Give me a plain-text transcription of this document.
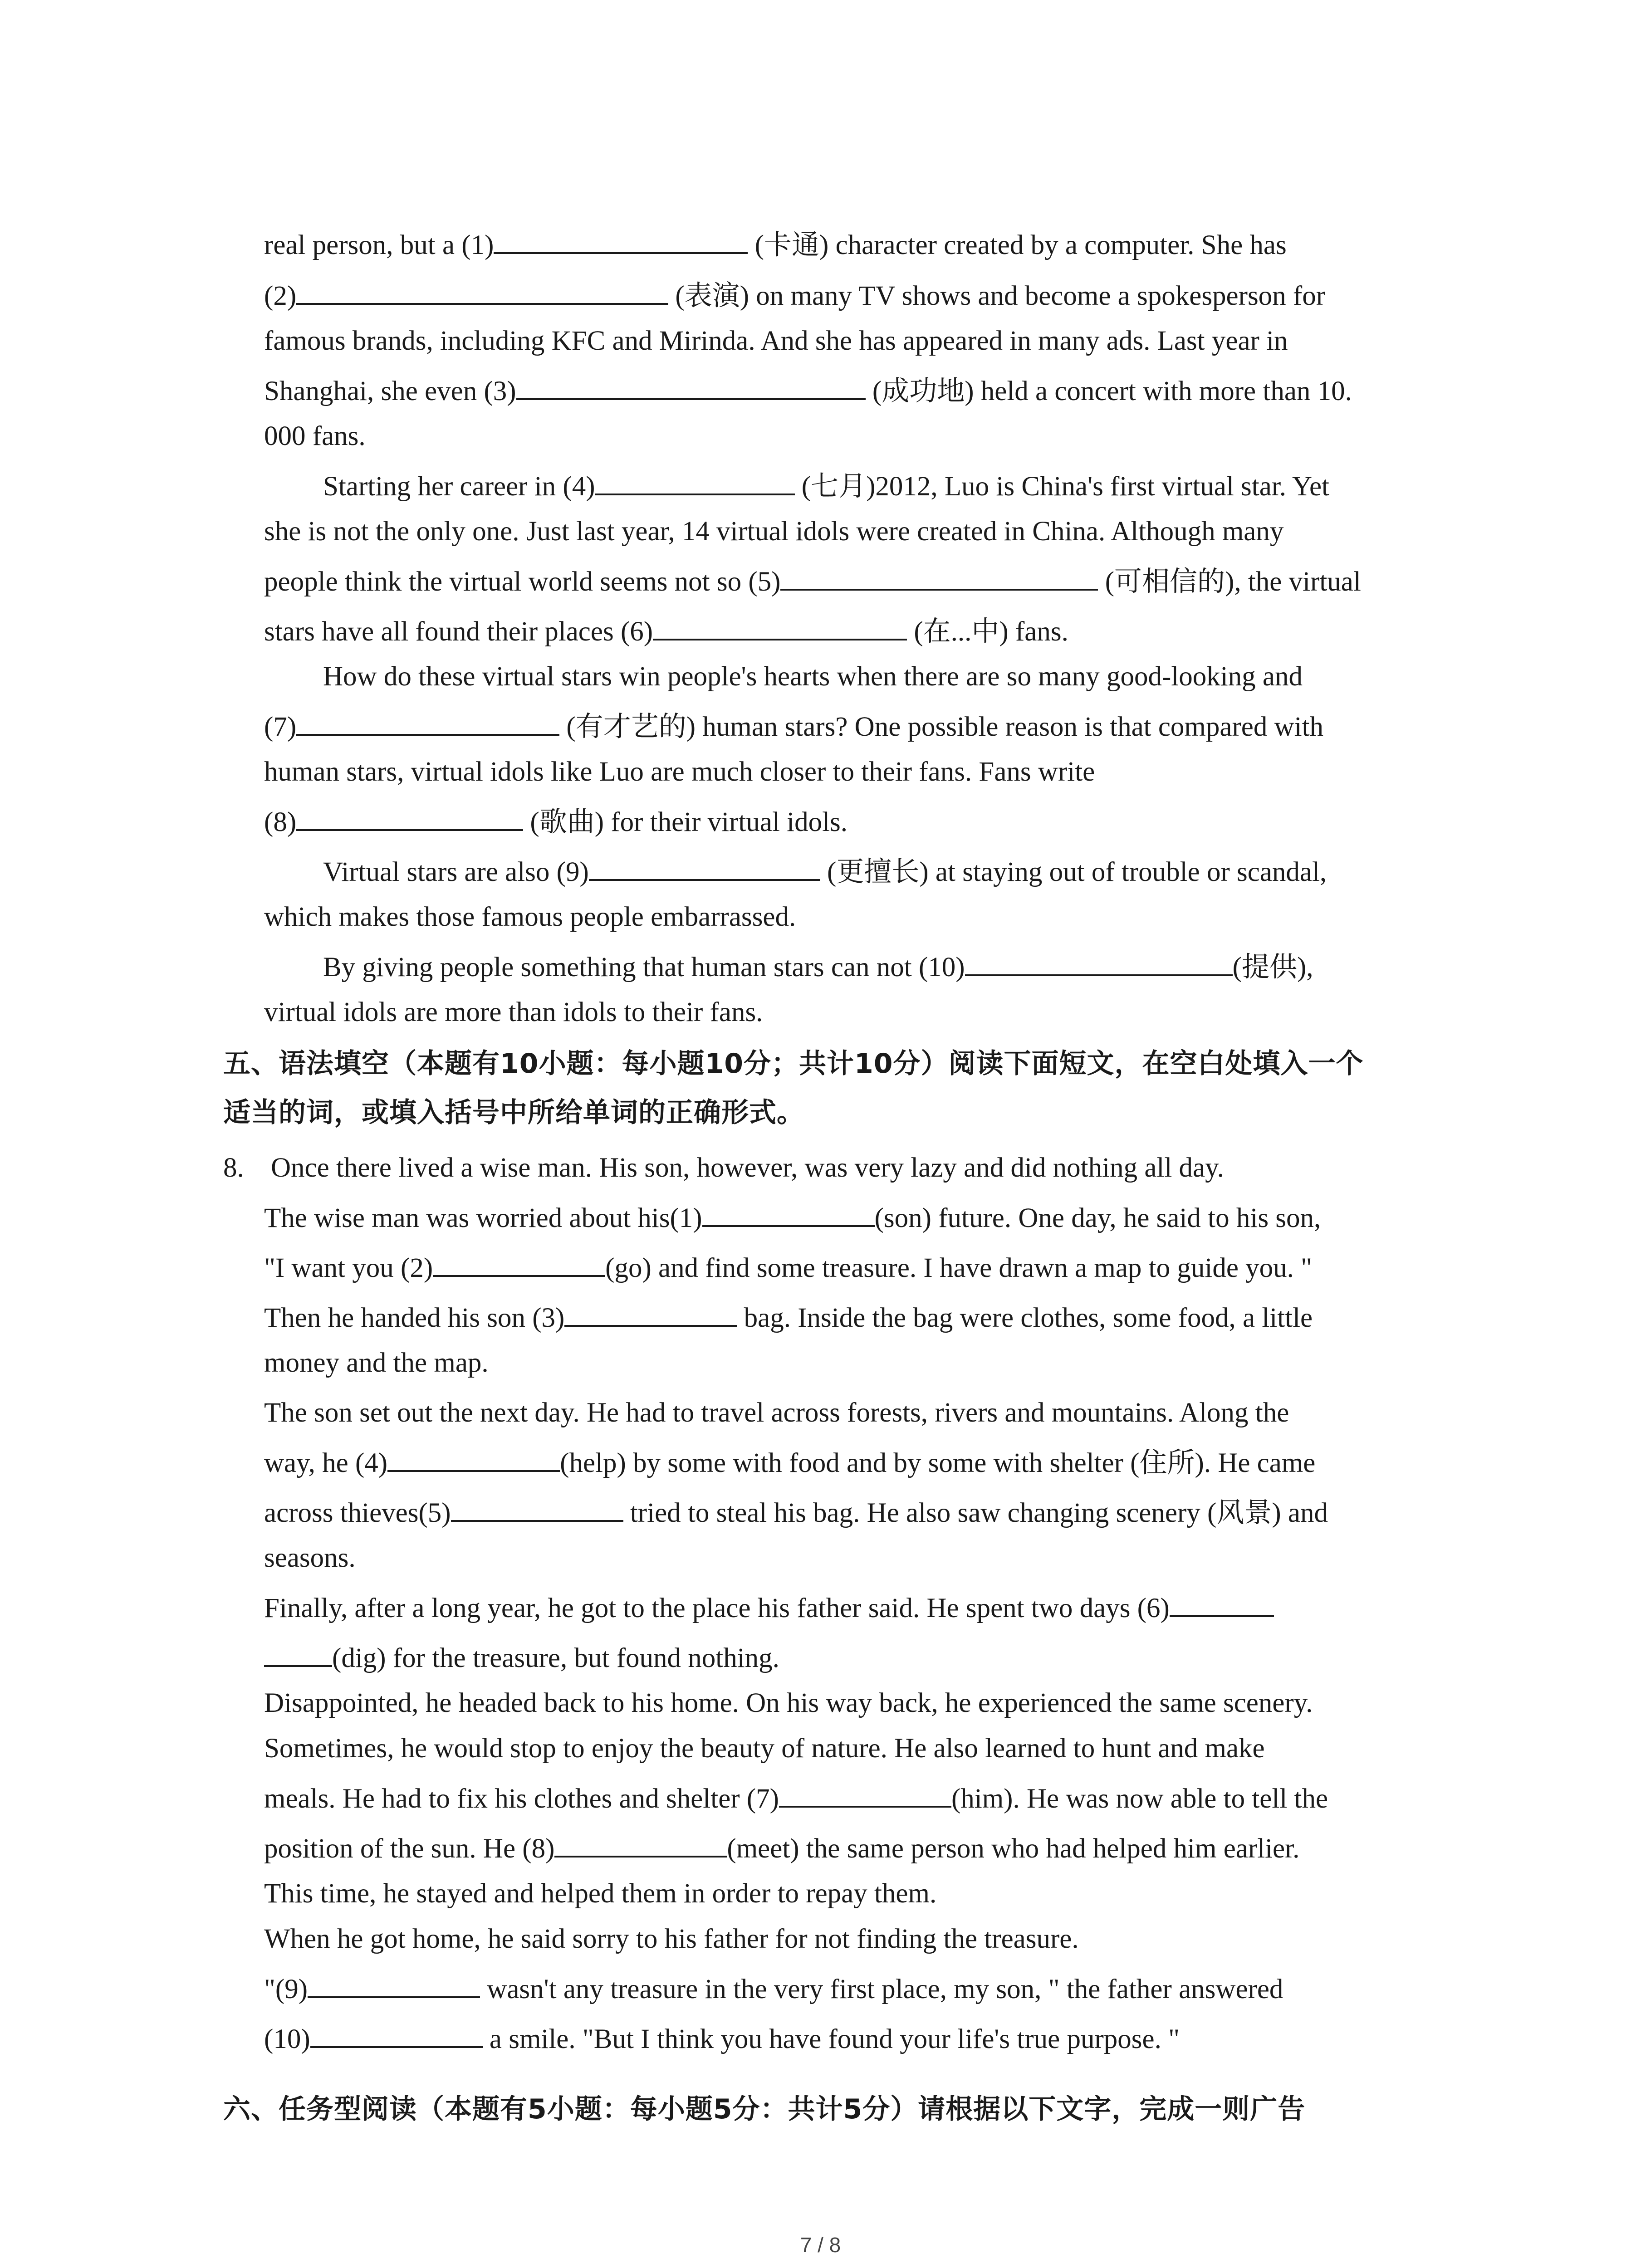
real person, but a (1)	(卡通) character created by a computer. She has
(2)	(表演) on many TV shows and become a spokesperson for
famous brands, including KFC and Mirinda. And she has appeared in many ads. Last year in
Shanghai, she even (3)	(成功地) held a concert with more than 10.
000 fans.
Starting her career in (4)	(七月)2012, Luo is China's first virtual star. Yet
she is not the only one. Just last year, 14 virtual idols were created in China. Although many
people think the virtual world seems not so (5)	(可相信的), the virtual
stars have all found their places (6)	(在...中) fans.
How do these virtual stars win people's hearts when there are so many good-looking and
(7)	(有才艺的) human stars? One possible reason is that compared with
human stars, virtual idols like Luo are much closer to their fans. Fans write
(8)	(歌曲) for their virtual idols.
Virtual stars are also (9)	(更擅长) at staying out of trouble or scandal,
which makes those famous people embarrassed.
By giving people something that human stars can not (10)	(提供),
virtual idols are more than idols to their fans.
五、语法填空（本题有10小题：每小题10分；共计10分）阅读下面短文，在空白处填入一个
适当的词，或填入括号中所给单词的正确形式。
8. Once there lived a wise man. His son, however, was very lazy and did nothing all day.
The wise man was worried about his(1)	(son) future. One day, he said to his son,
"I want you (2)	(go) and find some treasure. I have drawn a map to guide you. "
Then he handed his son (3)	bag. Inside the bag were clothes, some food, a little
money and the map.
The son set out the next day. He had to travel across forests, rivers and mountains. Along the
way, he (4)	(help) by some with food and by some with shelter (住所). He came
across thieves(5)	tried to steal his bag. He also saw changing scenery (风景) and
seasons.
Finally, after a long year, he got to the place his father said. He spent two days (6)
(dig) for the treasure, but found nothing.
Disappointed, he headed back to his home. On his way back, he experienced the same scenery.
Sometimes, he would stop to enjoy the beauty of nature. He also learned to hunt and make
meals. He had to fix his clothes and shelter (7)	(him). He was now able to tell the
position of the sun. He (8)	(meet) the same person who had helped him earlier.
This time, he stayed and helped them in order to repay them.
When he got home, he said sorry to his father for not finding the treasure.
"(9)	wasn't any treasure in the very first place, my son, " the father answered
(10)	a smile. "But I think you have found your life's true purpose. "
六、任务型阅读（本题有5小题：每小题5分：共计5分）请根据以下文字，完成一则广告
7 / 8
